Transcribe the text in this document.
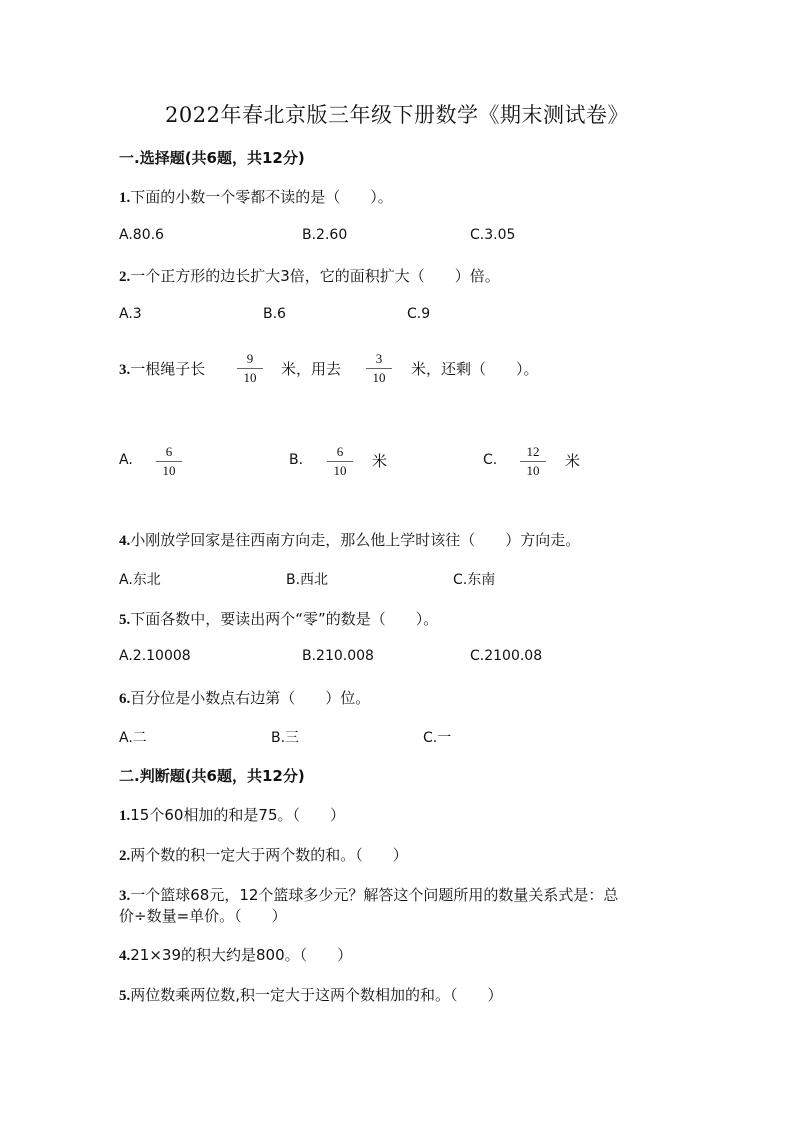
2022年春北京版三年级下册数学《期末测试卷》
一.选择题(共6题，共12分)
1.下面的小数一个零都不读的是（　　）。
A.80.6	B.2.60	C.3.05
2.一个正方形的边长扩大3倍，它的面积扩大（　　）倍。
A.3	B.6	C.9
3.一根绳子长
9
10	米，用去
3
10	米，还剩（　　）。
A.
6
10
B.
6
10
米	C.
12
10
米
4.小刚放学回家是往西南方向走，那么他上学时该往（　　）方向走。
A.东北	B.西北	C.东南
5.下面各数中，要读出两个“零”的数是（　　）。
A.2.10008	B.210.008	C.2100.08
6.百分位是小数点右边第（　　）位。
A.二	B.三	C.一
二.判断题(共6题，共12分)
1.15个60相加的和是75。（　　）
2.两个数的积一定大于两个数的和。（　　）
3.一个篮球68元，12个篮球多少元？解答这个问题所用的数量关系式是：总
价÷数量=单价。（　　）
4.21×39的积大约是800。（　　）
5.两位数乘两位数,积一定大于这两个数相加的和。（　　）
